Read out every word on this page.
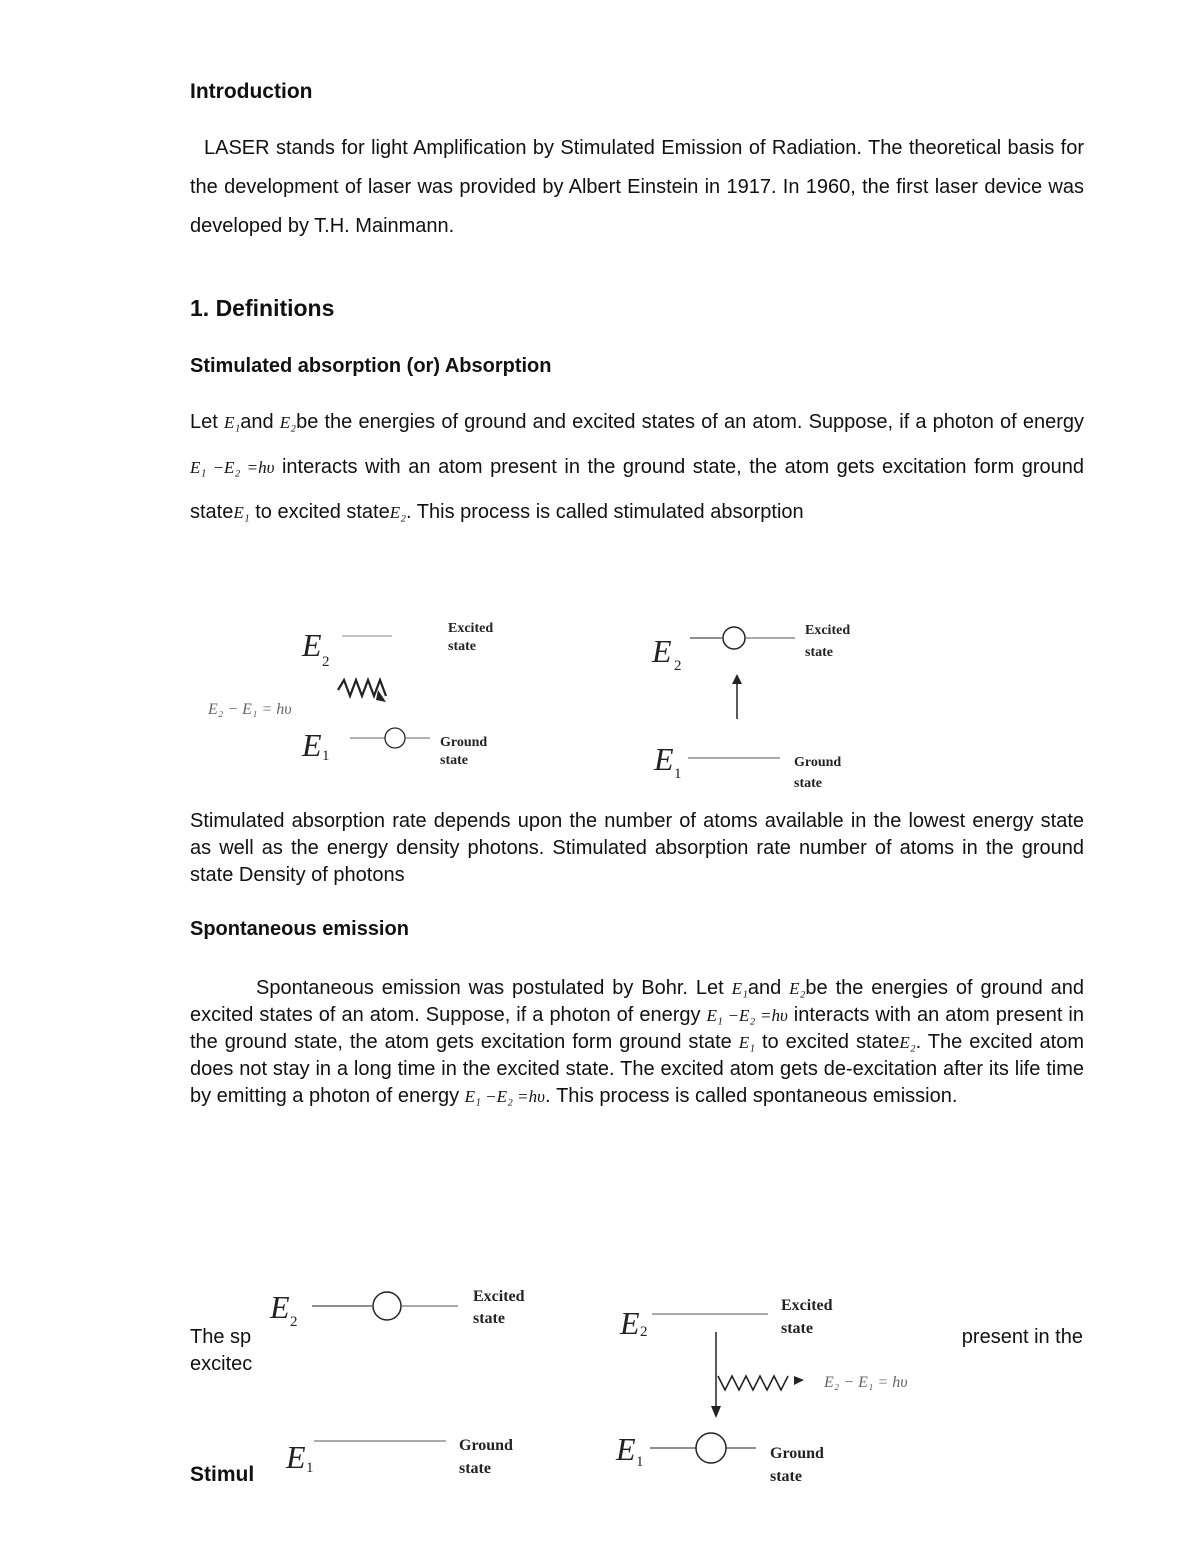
Introduction
LASER stands for light Amplification by Stimulated Emission of Radiation. The theoretical basis for the development of laser was provided by Albert Einstein in 1917. In 1960, the first laser device was developed by T.H. Mainmann.
1. Definitions
Stimulated absorption (or) Absorption
Let E₁and E₂be the energies of ground and excited states of an atom. Suppose, if a photon of energy E₁ −E₂ =hυ interacts with an atom present in the ground state, the atom gets excitation form ground stateE₁ to excited stateE₂. This process is called stimulated absorption
E 2
Excited
state
E₂ − E₁ = hυ
E 1
Ground
state
E 2
Excited
state
E 1
Ground
state
Stimulated absorption rate depends upon the number of atoms available in the lowest energy state as well as the energy density photons. Stimulated absorption rate number of atoms in the ground state Density of photons
Spontaneous emission
Spontaneous emission was postulated by Bohr. Let E₁and E₂be the energies of ground and excited states of an atom. Suppose, if a photon of energy E₁ −E₂ =hυ interacts with an atom present in the ground state, the atom gets excitation form ground state E₁ to excited stateE₂. The excited atom does not stay in a long time in the excited state. The excited atom gets de-excitation after its life time by emitting a photon of energy E₁ −E₂ =hυ. This process is called spontaneous emission.
The sp
excitec
present in the
Stimul
E 2
Excited
state
E 1
Ground
state
E 2
Excited
state
E₂ − E₁ = hυ
E 1	Ground
state
